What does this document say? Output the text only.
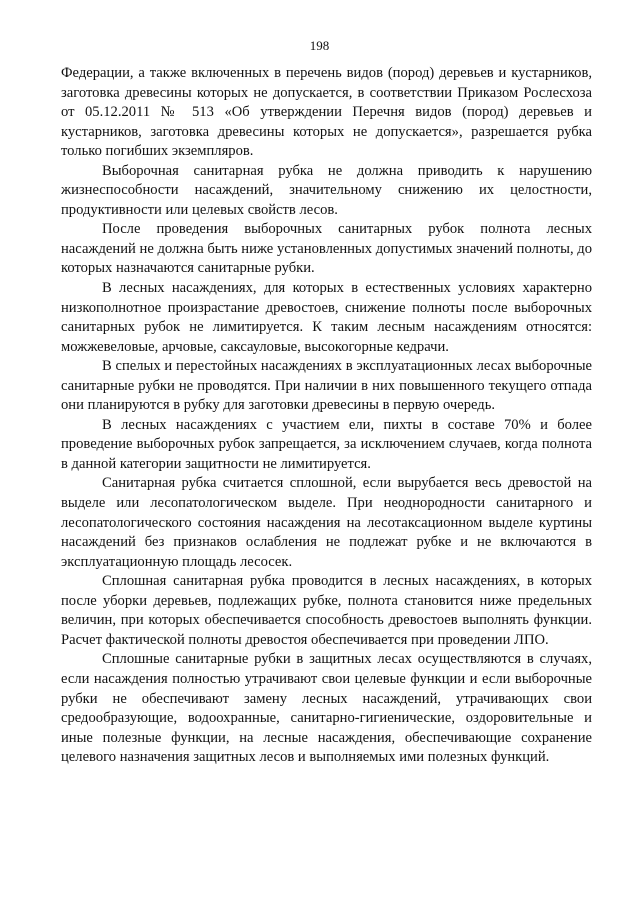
198

Федерации, а также включенных в перечень видов (пород) деревьев и кустарников, заготовка древесины которых не допускается, в соответствии Приказом Рослесхоза от 05.12.2011 № 513 «Об утверждении Перечня видов (пород) деревьев и кустарников, заготовка древесины которых не допускается», разрешается рубка только погибших экземпляров.

Выборочная санитарная рубка не должна приводить к нарушению жизнеспособности насаждений, значительному снижению их целостности, продуктивности или целевых свойств лесов.

После проведения выборочных санитарных рубок полнота лесных насаждений не должна быть ниже установленных допустимых значений полноты, до которых назначаются санитарные рубки.

В лесных насаждениях, для которых в естественных условиях характерно низкополнотное произрастание древостоев, снижение полноты после выборочных санитарных рубок не лимитируется. К таким лесным насаждениям относятся: можжевеловые, арчовые, саксауловые, высокогорные кедрачи.

В спелых и перестойных насаждениях в эксплуатационных лесах выборочные санитарные рубки не проводятся. При наличии в них повышенного текущего отпада они планируются в рубку для заготовки древесины в первую очередь.

В лесных насаждениях с участием ели, пихты в составе 70% и более проведение выборочных рубок запрещается, за исключением случаев, когда полнота в данной категории защитности не лимитируется.

Санитарная рубка считается сплошной, если вырубается весь древостой на выделе или лесопатологическом выделе. При неоднородности санитарного и лесопатологического состояния насаждения на лесотаксационном выделе куртины насаждений без признаков ослабления не подлежат рубке и не включаются в эксплуатационную площадь лесосек.

Сплошная санитарная рубка проводится в лесных насаждениях, в которых после уборки деревьев, подлежащих рубке, полнота становится ниже предельных величин, при которых обеспечивается способность древостоев выполнять функции. Расчет фактической полноты древостоя обеспечивается при проведении ЛПО.

Сплошные санитарные рубки в защитных лесах осуществляются в случаях, если насаждения полностью утрачивают свои целевые функции и если выборочные рубки не обеспечивают замену лесных насаждений, утрачивающих свои средообразующие, водоохранные, санитарно-гигиенические, оздоровительные и иные полезные функции, на лесные насаждения, обеспечивающие сохранение целевого назначения защитных лесов и выполняемых ими полезных функций.
